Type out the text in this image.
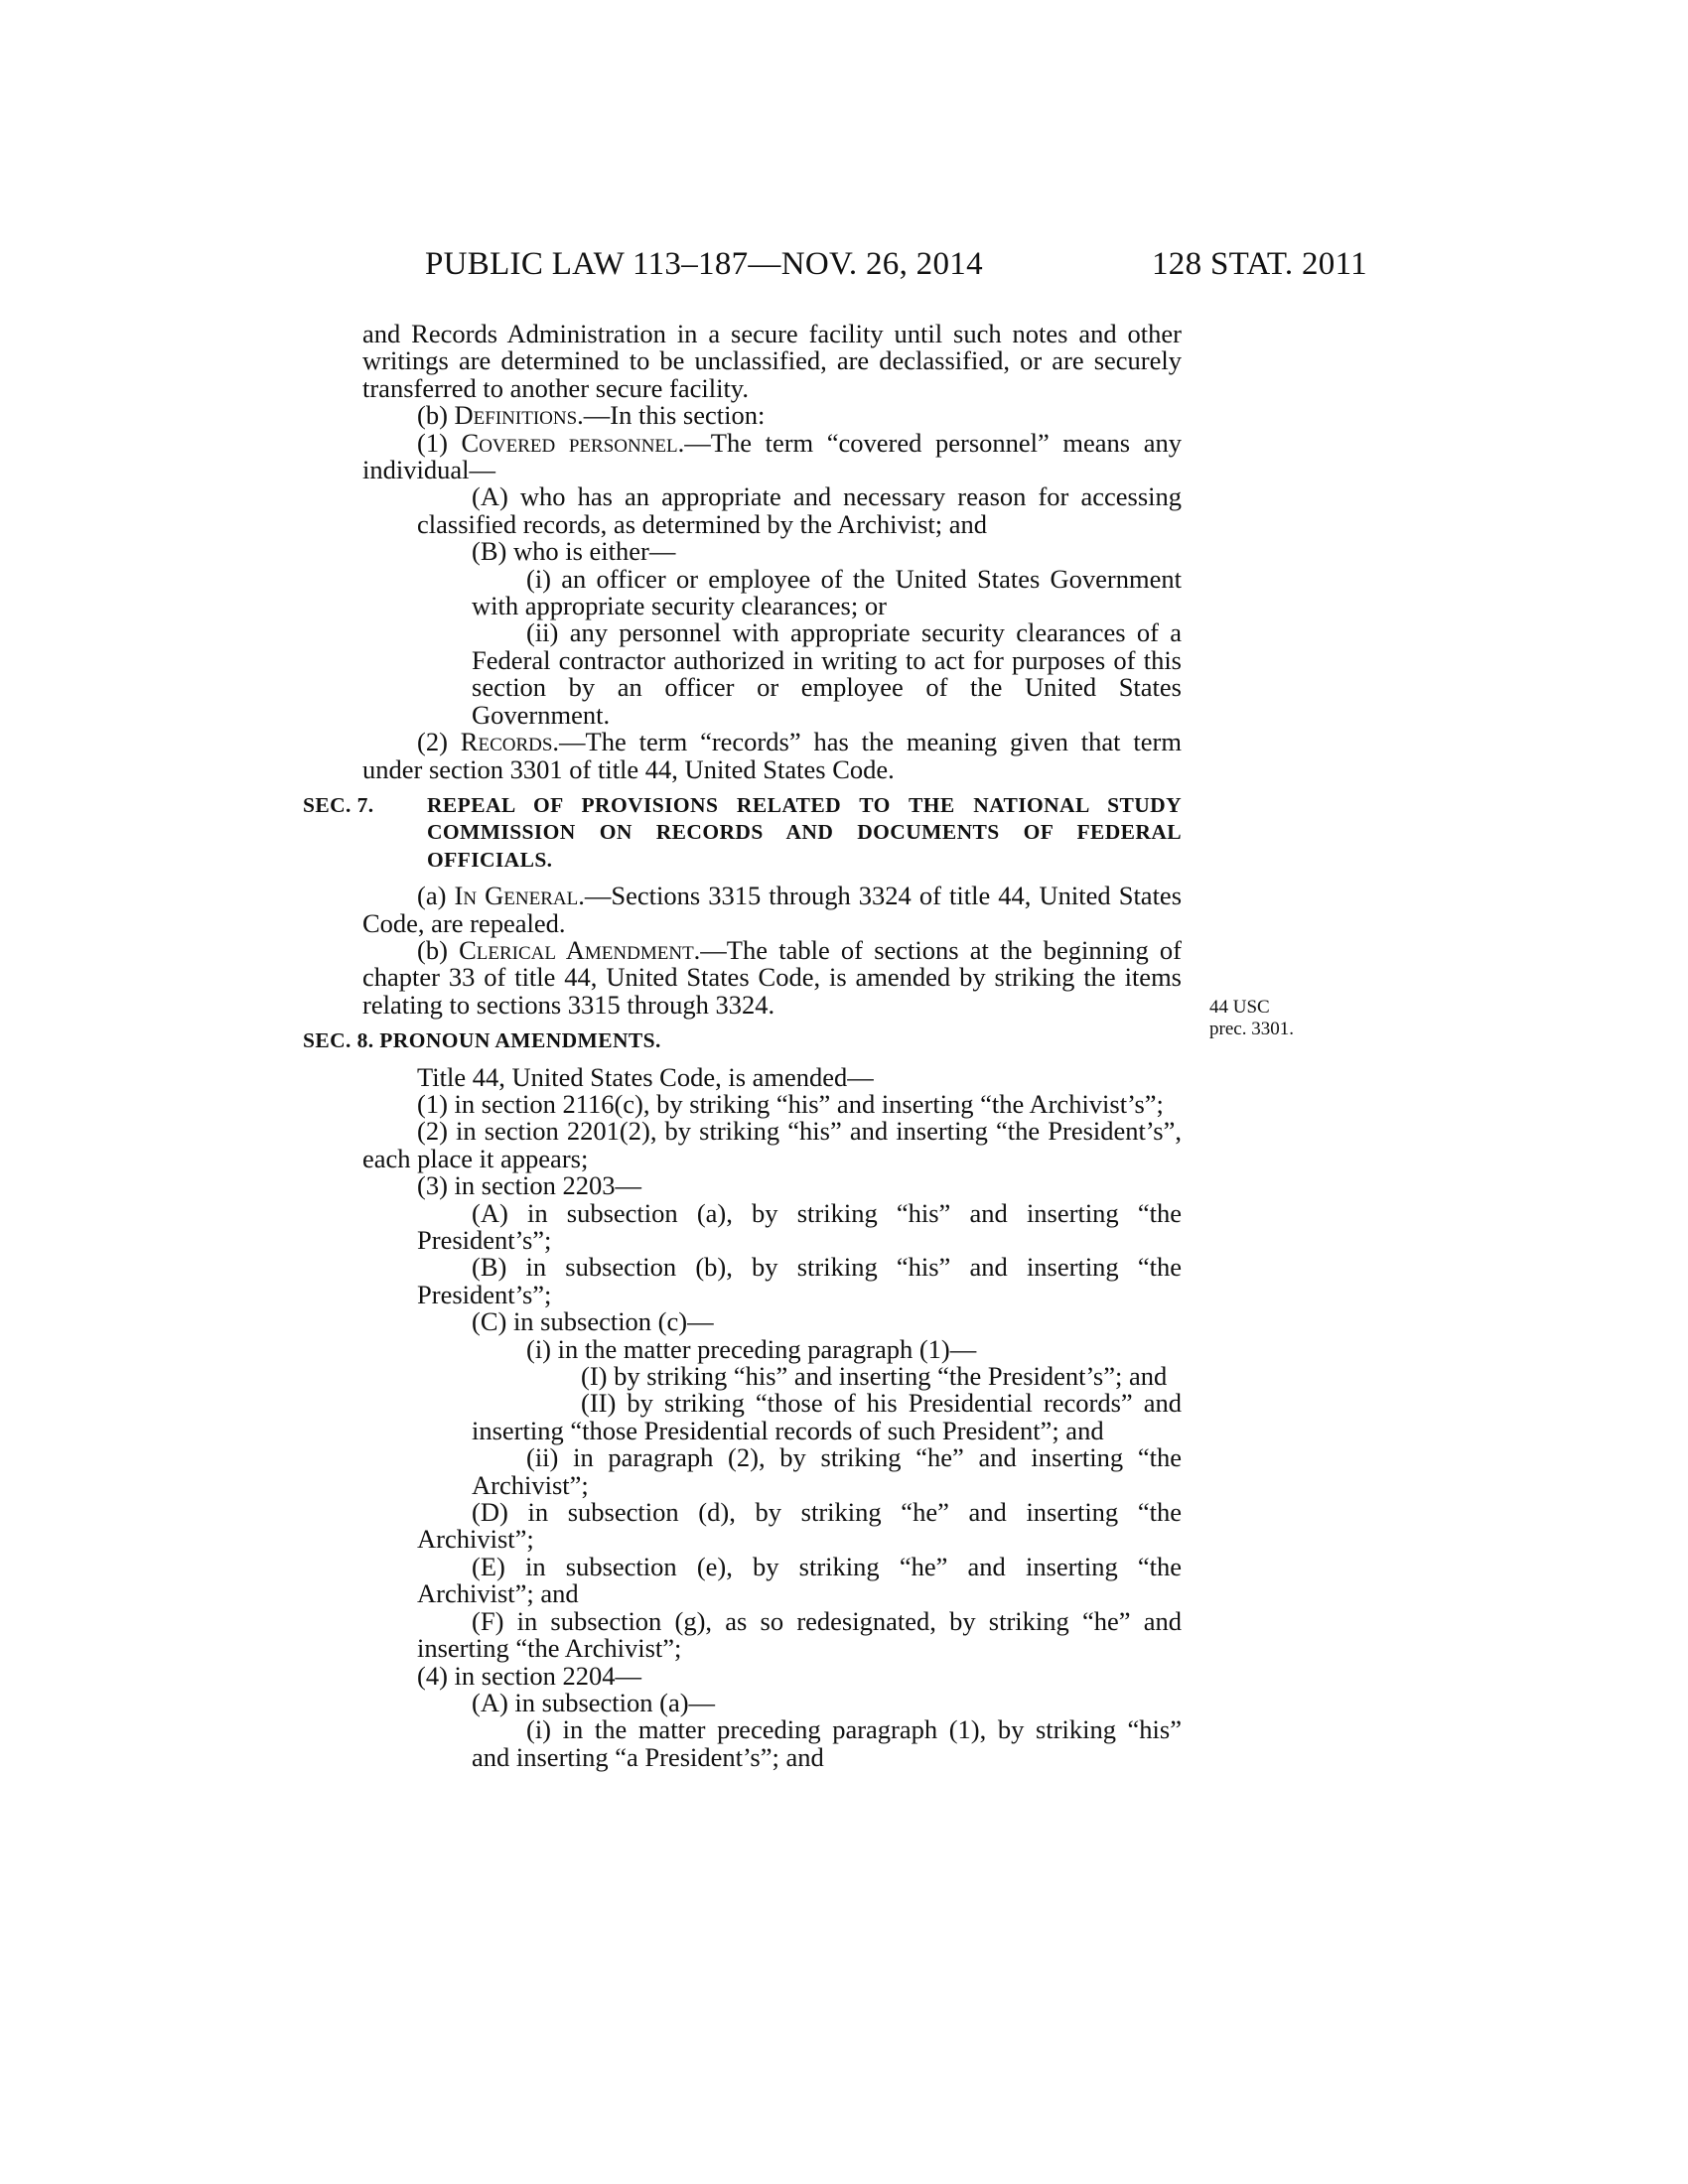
PUBLIC LAW 113–187—NOV. 26, 2014	128 STAT. 2011
44 USC
prec. 3301.

and Records Administration in a secure facility until such notes and other writings are determined to be unclassified, are declassified, or are securely transferred to another secure facility.

(b) Definitions.—In this section:

(1) Covered personnel.—The term “covered personnel” means any individual—

(A) who has an appropriate and necessary reason for accessing classified records, as determined by the Archivist; and

(B) who is either—

(i) an officer or employee of the United States Government with appropriate security clearances; or

(ii) any personnel with appropriate security clearances of a Federal contractor authorized in writing to act for purposes of this section by an officer or employee of the United States Government.

(2) Records.—The term “records” has the meaning given that term under section 3301 of title 44, United States Code.

SEC. 7. REPEAL OF PROVISIONS RELATED TO THE NATIONAL STUDY COMMISSION ON RECORDS AND DOCUMENTS OF FEDERAL OFFICIALS.

(a) In General.—Sections 3315 through 3324 of title 44, United States Code, are repealed.

(b) Clerical Amendment.—The table of sections at the beginning of chapter 33 of title 44, United States Code, is amended by striking the items relating to sections 3315 through 3324.

SEC. 8. PRONOUN AMENDMENTS.

Title 44, United States Code, is amended—

(1) in section 2116(c), by striking “his” and inserting “the Archivist’s”;

(2) in section 2201(2), by striking “his” and inserting “the President’s”, each place it appears;

(3) in section 2203—

(A) in subsection (a), by striking “his” and inserting “the President’s”;

(B) in subsection (b), by striking “his” and inserting “the President’s”;

(C) in subsection (c)—

(i) in the matter preceding paragraph (1)—

(I) by striking “his” and inserting “the President’s”; and

(II) by striking “those of his Presidential records” and inserting “those Presidential records of such President”; and

(ii) in paragraph (2), by striking “he” and inserting “the Archivist”;

(D) in subsection (d), by striking “he” and inserting “the Archivist”;

(E) in subsection (e), by striking “he” and inserting “the Archivist”; and

(F) in subsection (g), as so redesignated, by striking “he” and inserting “the Archivist”;

(4) in section 2204—

(A) in subsection (a)—

(i) in the matter preceding paragraph (1), by striking “his” and inserting “a President’s”; and
